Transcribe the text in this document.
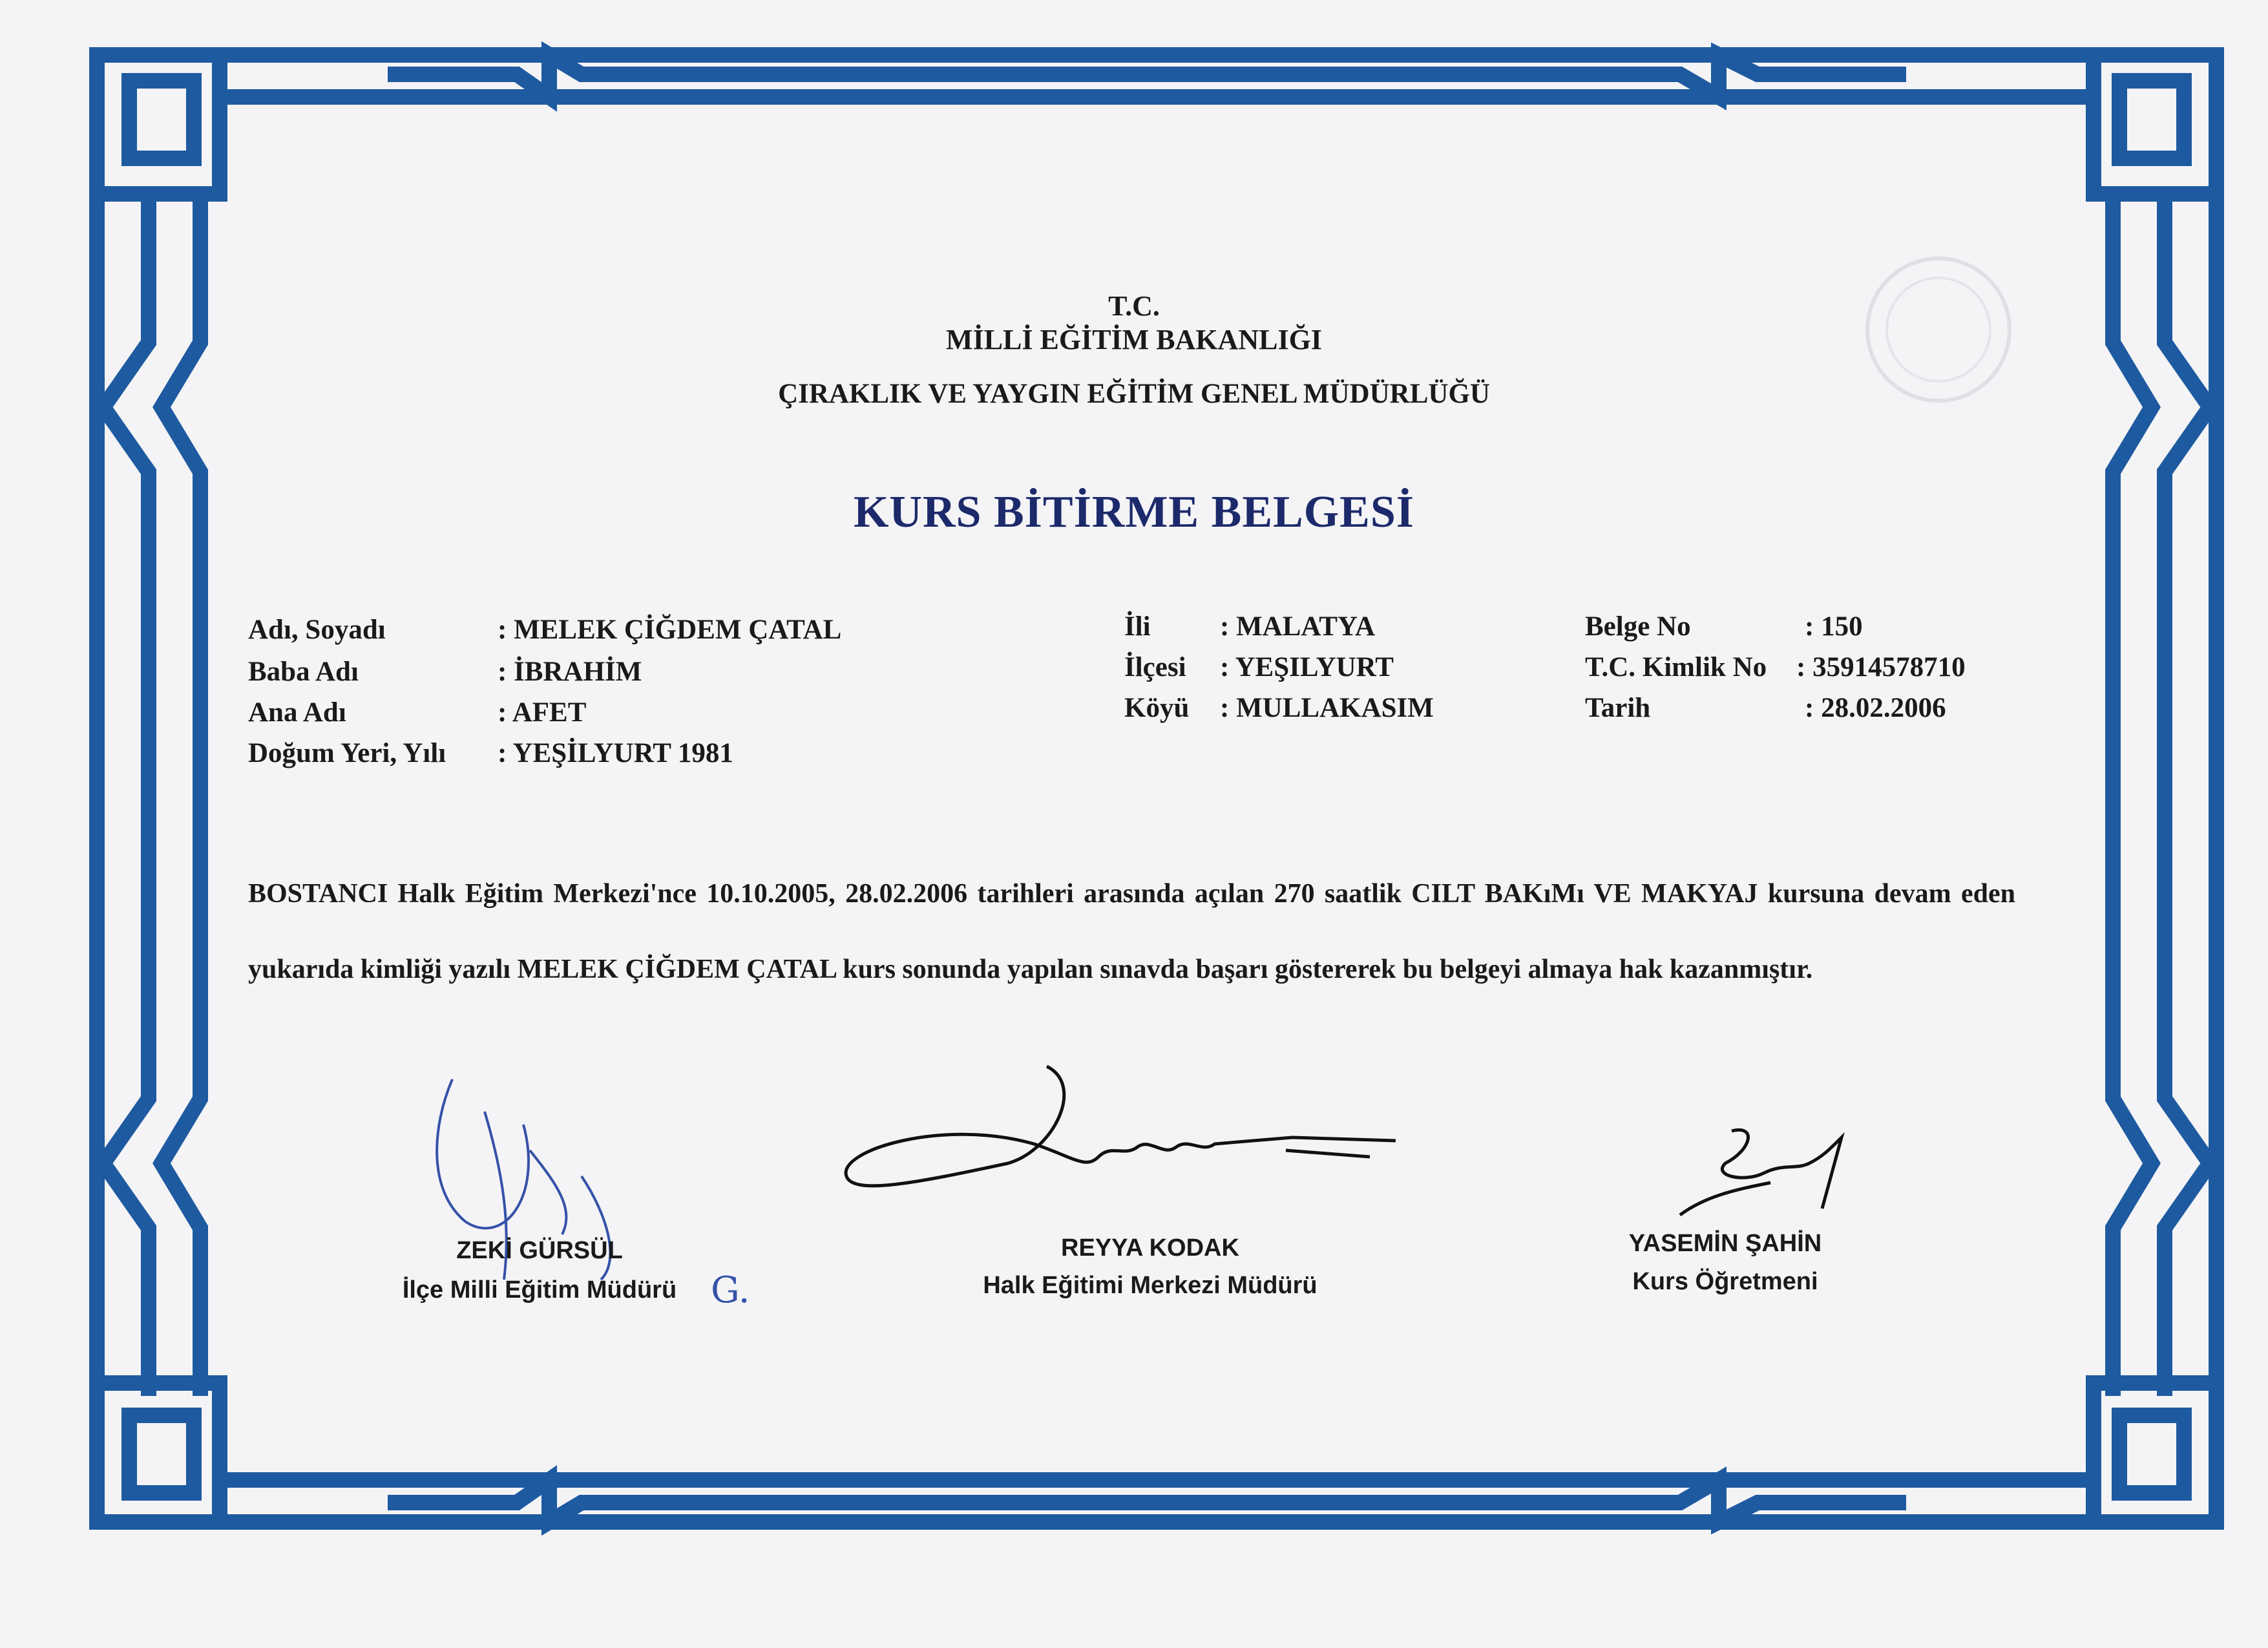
T.C.
MİLLİ EĞİTİM BAKANLIĞI
ÇIRAKLIK VE YAYGIN EĞİTİM GENEL MÜDÜRLÜĞÜ
KURS BİTİRME BELGESİ
Adı, Soyadı	: MELEK ÇİĞDEM ÇATAL
Baba Adı	: İBRAHİM
Ana Adı	: AFET
Doğum Yeri, Yılı : YEŞİLYURT 1981
İli : MALATYA
İlçesi : YEŞILYURT
Köyü : MULLAKASIM
Belge No	: 150
T.C. Kimlik No : 35914578710
Tarih	: 28.02.2006
BOSTANCI Halk Eğitim Merkezi'nce 10.10.2005, 28.02.2006 tarihleri arasında açılan 270 saatlik CILT BAKıMı VE MAKYAJ kursuna devam eden yukarıda kimliği yazılı MELEK ÇİĞDEM ÇATAL kurs sonunda yapılan sınavda başarı göstererek bu belgeyi almaya hak kazanmıştır.
G.
ZEKİ GÜRSÜL
İlçe Milli Eğitim Müdürü
REYYA KODAK
Halk Eğitimi Merkezi Müdürü
YASEMİN ŞAHİN
Kurs Öğretmeni
